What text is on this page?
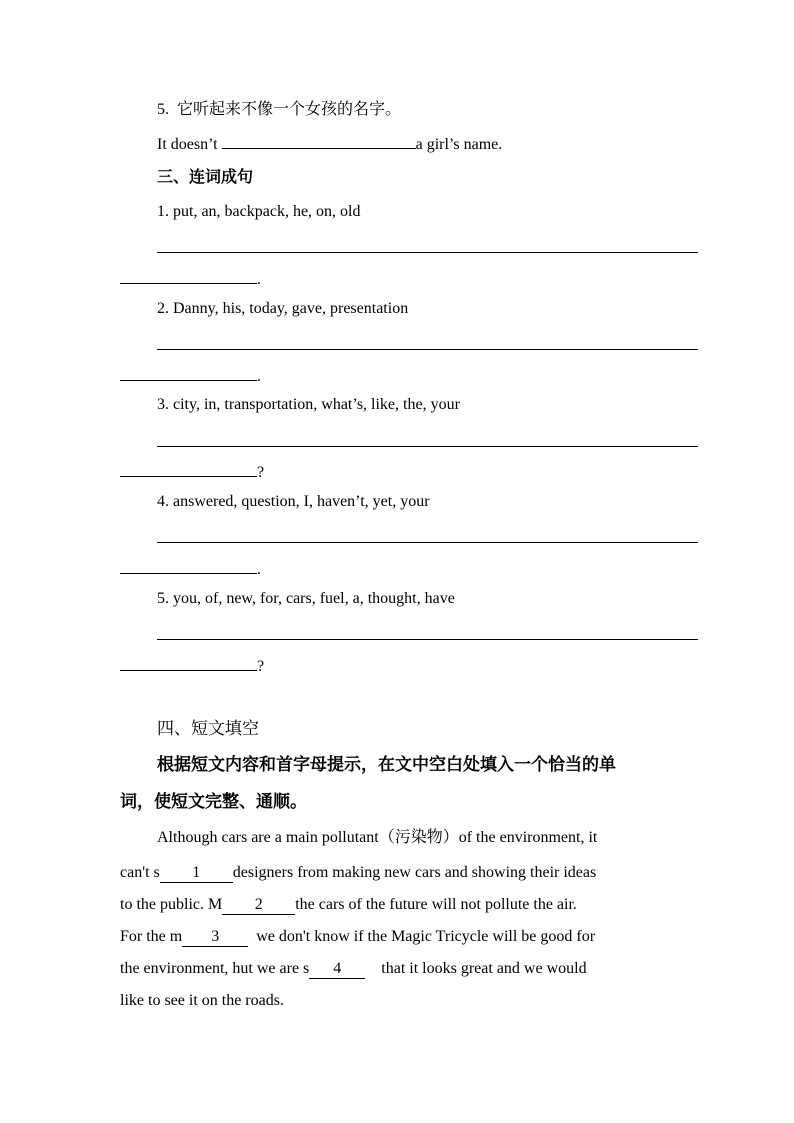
5. 它听起来不像一个女孩的名字。
It doesn’t	a girl’s name.
三、连词成句
1. put, an, backpack, he, on, old
.
2. Danny, his, today, gave, presentation
.
3. city, in, transportation, what’s, like, the, your
?
4. answered, question, I, haven’t, yet, your
.
5. you, of, new, for, cars, fuel, a, thought, have
?
四、短文填空
根据短文内容和首字母提示，在文中空白处填入一个恰当的单
词，使短文完整、通顺。
Although cars are a main pollutant（污染物）of the environment, it
can't s 1 designers from making new cars and showing their ideas
to the public. M 2 the cars of the future will not pollute the air.
For the m 3 we don't know if the Magic Tricycle will be good for
the environment, hut we are s 4	that it looks great and we would
like to see it on the roads.
